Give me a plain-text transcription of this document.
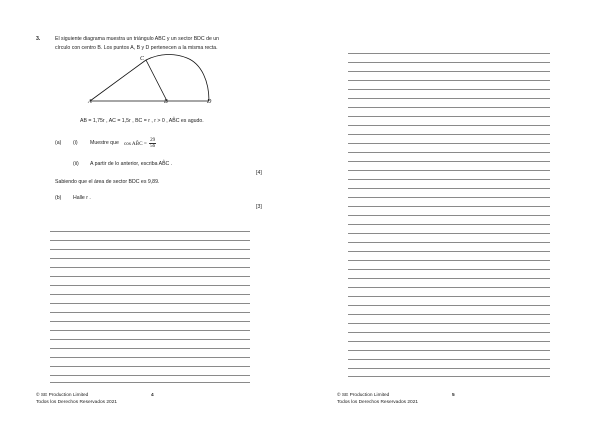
3.	El siguiente diagrama muestra un triángulo ABC y un sector BDC de un
círculo con centro B. Los puntos A, B y D pertenecen a la misma recta.
A	B
C
D
AB = 1,75r , AC = 1,5r , BC = r , r > 0 , AB̂C es agudo.
(a) (i) Muestre que cos AB̂C = $\frac{29}{56}$
(ii) A partir de lo anterior, escriba AB̂C .
[4]
Sabiendo que el área de sector BDC es 9,89.
(b) Halle r .
[3]
© SE Production Limited
Todos los Derechos Reservados 2021
4	© SE Production Limited
Todos los Derechos Reservados 2021
5
